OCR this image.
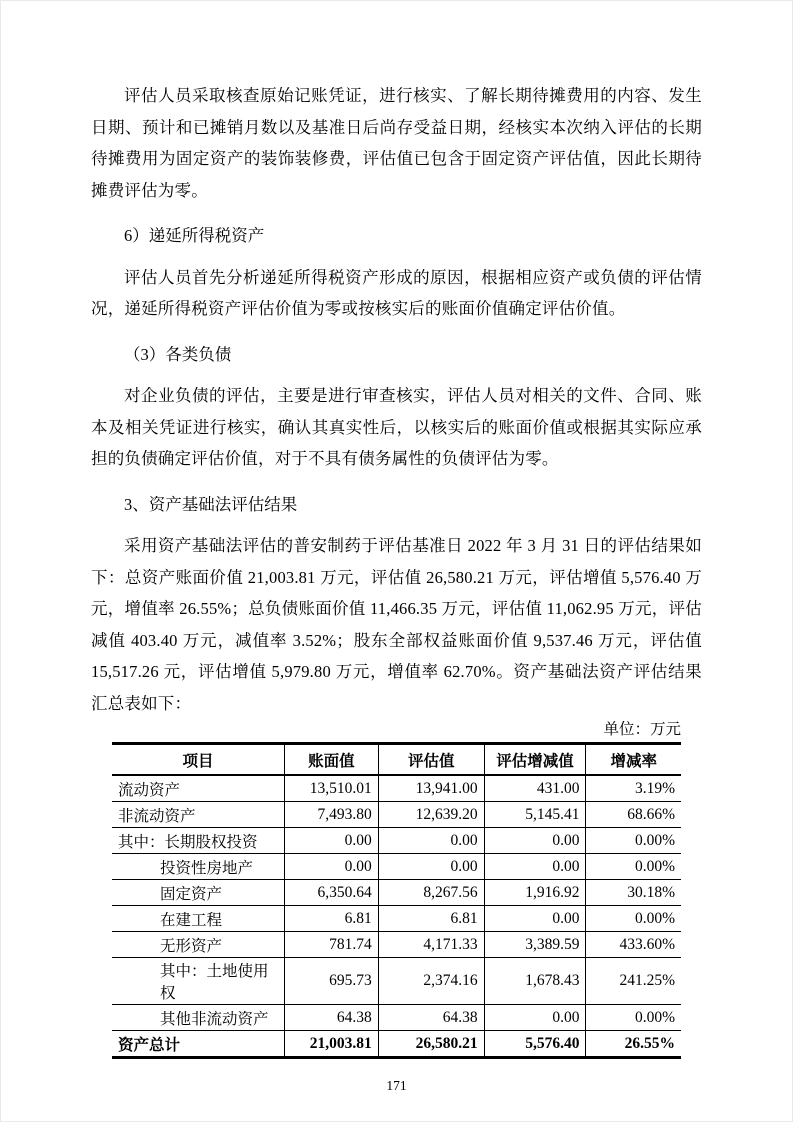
评估人员采取核查原始记账凭证，进行核实、了解长期待摊费用的内容、发生日期、预计和已摊销月数以及基准日后尚存受益日期，经核实本次纳入评估的长期待摊费用为固定资产的装饰装修费，评估值已包含于固定资产评估值，因此长期待摊费评估为零。

6）递延所得税资产

评估人员首先分析递延所得税资产形成的原因，根据相应资产或负债的评估情况，递延所得税资产评估价值为零或按核实后的账面价值确定评估价值。

（3）各类负债

对企业负债的评估，主要是进行审查核实，评估人员对相关的文件、合同、账本及相关凭证进行核实，确认其真实性后，以核实后的账面价值或根据其实际应承担的负债确定评估价值，对于不具有债务属性的负债评估为零。

3、资产基础法评估结果

采用资产基础法评估的普安制药于评估基准日 2022 年 3 月 31 日的评估结果如下：总资产账面价值 21,003.81 万元，评估值 26,580.21 万元，评估增值 5,576.40 万元，增值率 26.55%；总负债账面价值 11,466.35 万元，评估值 11,062.95 万元，评估减值 403.40 万元，减值率 3.52%；股东全部权益账面价值 9,537.46 万元，评估值 15,517.26 元，评估增值 5,979.80 万元，增值率 62.70%。资产基础法资产评估结果汇总表如下：

单位：万元
项目	账面值	评估值	评估增减值	增减率
流动资产	13,510.01	13,941.00	431.00	3.19%
非流动资产	7,493.80	12,639.20	5,145.41	68.66%
其中：长期股权投资	0.00	0.00	0.00	0.00%
投资性房地产	0.00	0.00	0.00	0.00%
固定资产	6,350.64	8,267.56	1,916.92	30.18%
在建工程	6.81	6.81	0.00	0.00%
无形资产	781.74	4,171.33	3,389.59	433.60%
其中：土地使用权	695.73	2,374.16	1,678.43	241.25%
其他非流动资产	64.38	64.38	0.00	0.00%
资产总计	21,003.81	26,580.21	5,576.40	26.55%
171
